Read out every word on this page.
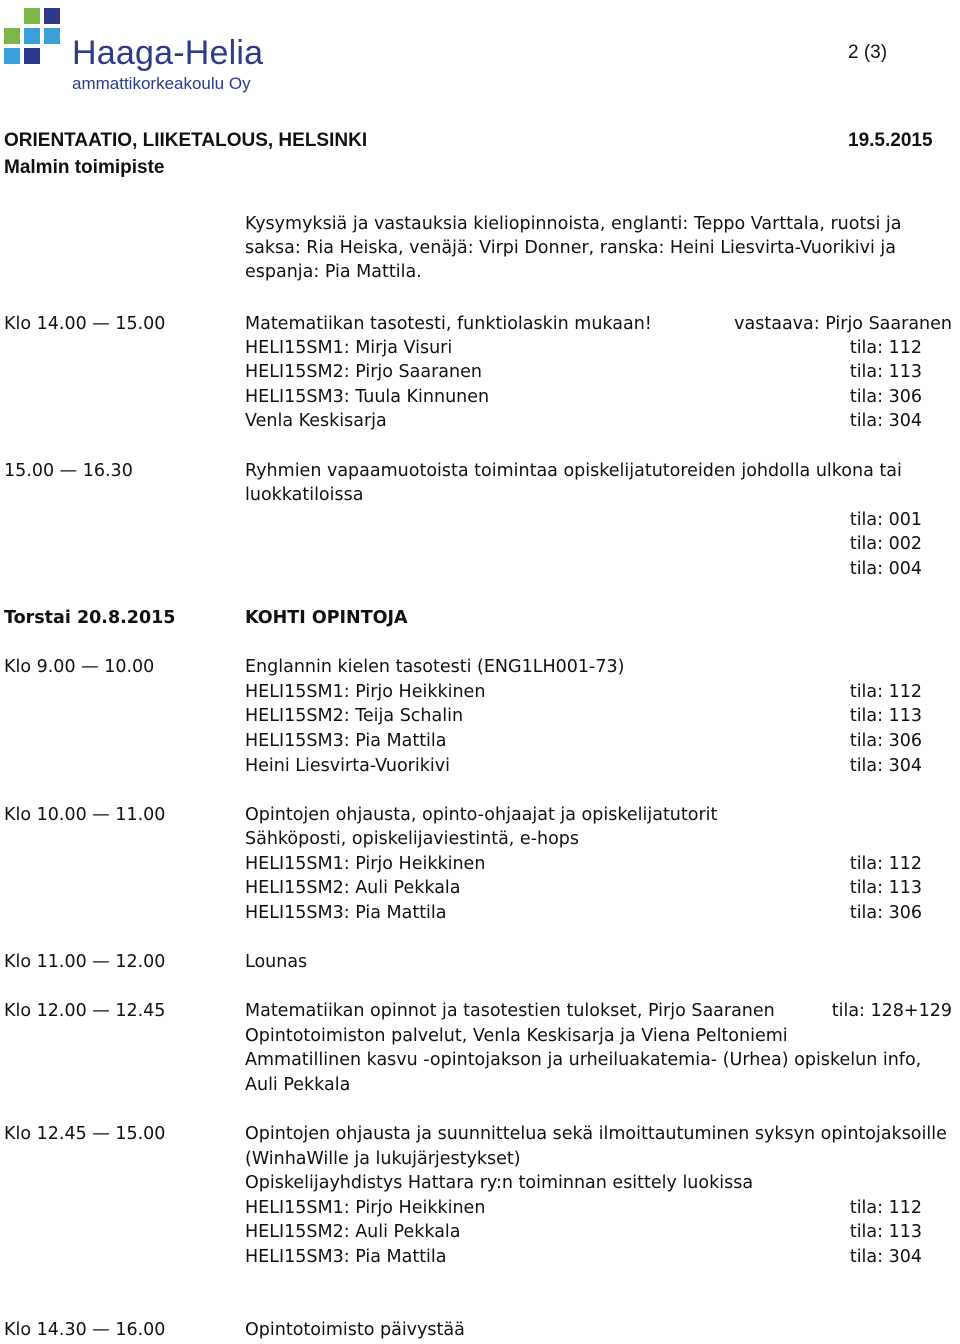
Haaga-Helia
ammattikorkeakoulu Oy
2 (3)
ORIENTAATIO, LIIKETALOUS, HELSINKI	19.5.2015
Malmin toimipiste
Kysymyksiä ja vastauksia kieliopinnoista, englanti: Teppo Varttala, ruotsi ja
saksa: Ria Heiska, venäjä: Virpi Donner, ranska: Heini Liesvirta-Vuorikivi ja
espanja: Pia Mattila.
Klo 14.00 — 15.00	Matematiikan tasotesti, funktiolaskin mukaan!	vastaava: Pirjo Saaranen
HELI15SM1: Mirja Visuri	tila: 112
HELI15SM2: Pirjo Saaranen	tila: 113
HELI15SM3: Tuula Kinnunen	tila: 306
Venla Keskisarja	tila: 304
15.00 — 16.30	Ryhmien vapaamuotoista toimintaa opiskelijatutoreiden johdolla ulkona tai
luokkatiloissa
tila: 001
tila: 002
tila: 004
Torstai 20.8.2015	KOHTI OPINTOJA
Klo 9.00 — 10.00	Englannin kielen tasotesti (ENG1LH001-73)
HELI15SM1: Pirjo Heikkinen	tila: 112
HELI15SM2: Teija Schalin	tila: 113
HELI15SM3: Pia Mattila	tila: 306
Heini Liesvirta-Vuorikivi	tila: 304
Klo 10.00 — 11.00	Opintojen ohjausta, opinto-ohjaajat ja opiskelijatutorit
Sähköposti, opiskelijaviestintä, e-hops
HELI15SM1: Pirjo Heikkinen	tila: 112
HELI15SM2: Auli Pekkala	tila: 113
HELI15SM3: Pia Mattila	tila: 306
Klo 11.00 — 12.00	Lounas
Klo 12.00 — 12.45	Matematiikan opinnot ja tasotestien tulokset, Pirjo Saaranen	tila: 128+129
Opintotoimiston palvelut, Venla Keskisarja ja Viena Peltoniemi
Ammatillinen kasvu -opintojakson ja urheiluakatemia- (Urhea) opiskelun info,
Auli Pekkala
Klo 12.45 — 15.00	Opintojen ohjausta ja suunnittelua sekä ilmoittautuminen syksyn opintojaksoille
(WinhaWille ja lukujärjestykset)
Opiskelijayhdistys Hattara ry:n toiminnan esittely luokissa
HELI15SM1: Pirjo Heikkinen	tila: 112
HELI15SM2: Auli Pekkala	tila: 113
HELI15SM3: Pia Mattila	tila: 304
Klo 14.30 — 16.00	Opintotoimisto päivystää
